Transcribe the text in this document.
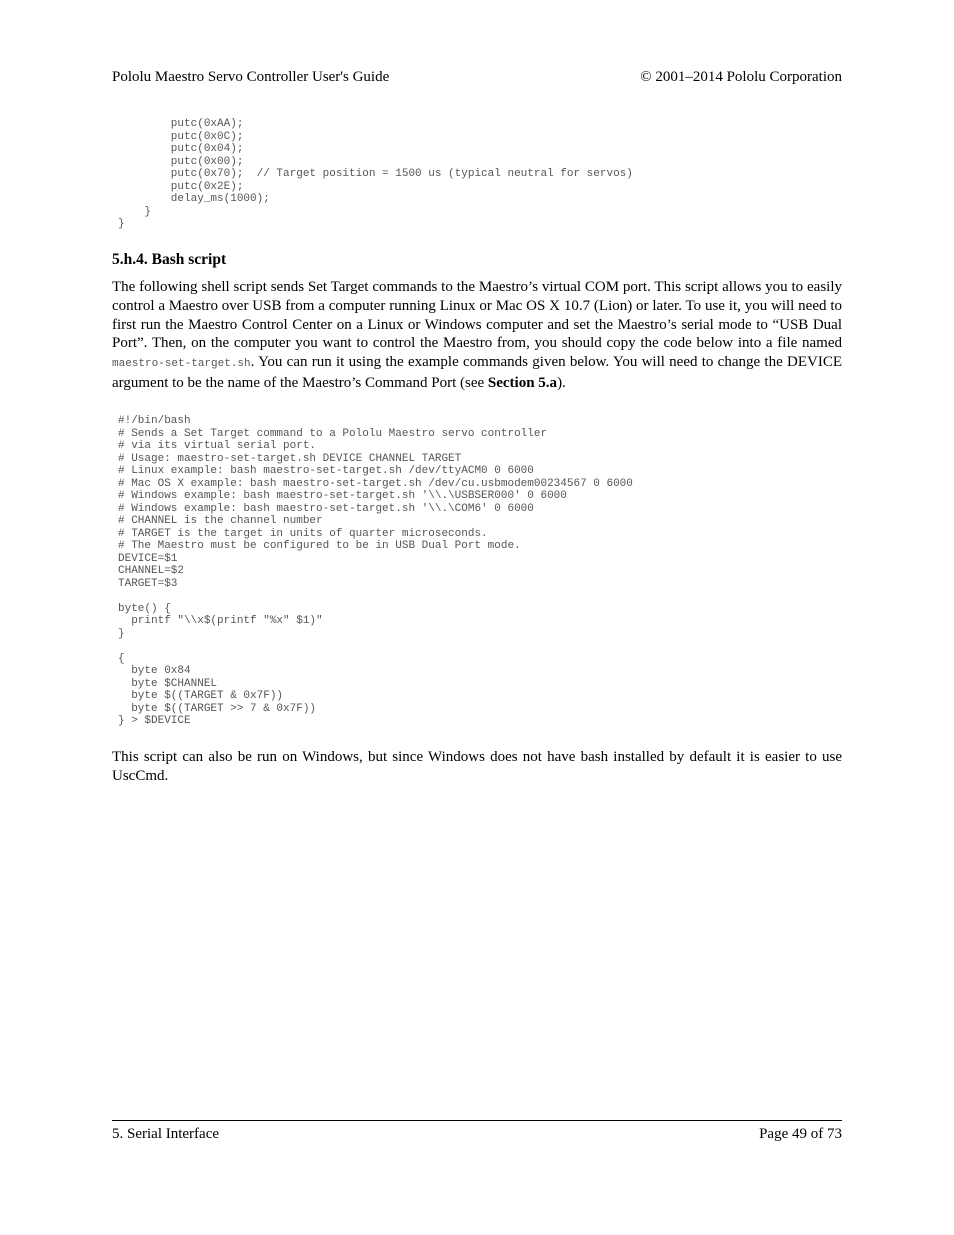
Pololu Maestro Servo Controller User's Guide	© 2001–2014 Pololu Corporation
putc(0xAA);
putc(0x0C);
putc(0x04);
putc(0x00);
putc(0x70);  // Target position = 1500 us (typical neutral for servos)
putc(0x2E);
delay_ms(1000);
}
}
5.h.4. Bash script

The following shell script sends Set Target commands to the Maestro’s virtual COM port. This script allows you to easily control a Maestro over USB from a computer running Linux or Mac OS X 10.7 (Lion) or later. To use it, you will need to first run the Maestro Control Center on a Linux or Windows computer and set the Maestro’s serial mode to “USB Dual Port”. Then, on the computer you want to control the Maestro from, you should copy the code below into a file named maestro-set-target.sh. You can run it using the example commands given below. You will need to change the DEVICE argument to be the name of the Maestro’s Command Port (see Section 5.a).

#!/bin/bash
# Sends a Set Target command to a Pololu Maestro servo controller
# via its virtual serial port.
# Usage: maestro-set-target.sh DEVICE CHANNEL TARGET
# Linux example: bash maestro-set-target.sh /dev/ttyACM0 0 6000
# Mac OS X example: bash maestro-set-target.sh /dev/cu.usbmodem00234567 0 6000
# Windows example: bash maestro-set-target.sh '\\.\USBSER000' 0 6000
# Windows example: bash maestro-set-target.sh '\\.\COM6' 0 6000
# CHANNEL is the channel number
# TARGET is the target in units of quarter microseconds.
# The Maestro must be configured to be in USB Dual Port mode.
DEVICE=$1
CHANNEL=$2
TARGET=$3

byte() {
printf "\\x$(printf "%x" $1)"
}

{
byte 0x84
byte $CHANNEL
byte $((TARGET & 0x7F))
byte $((TARGET >> 7 & 0x7F))
} > $DEVICE

This script can also be run on Windows, but since Windows does not have bash installed by default it is easier to use UscCmd.

5. Serial Interface	Page 49 of 73
